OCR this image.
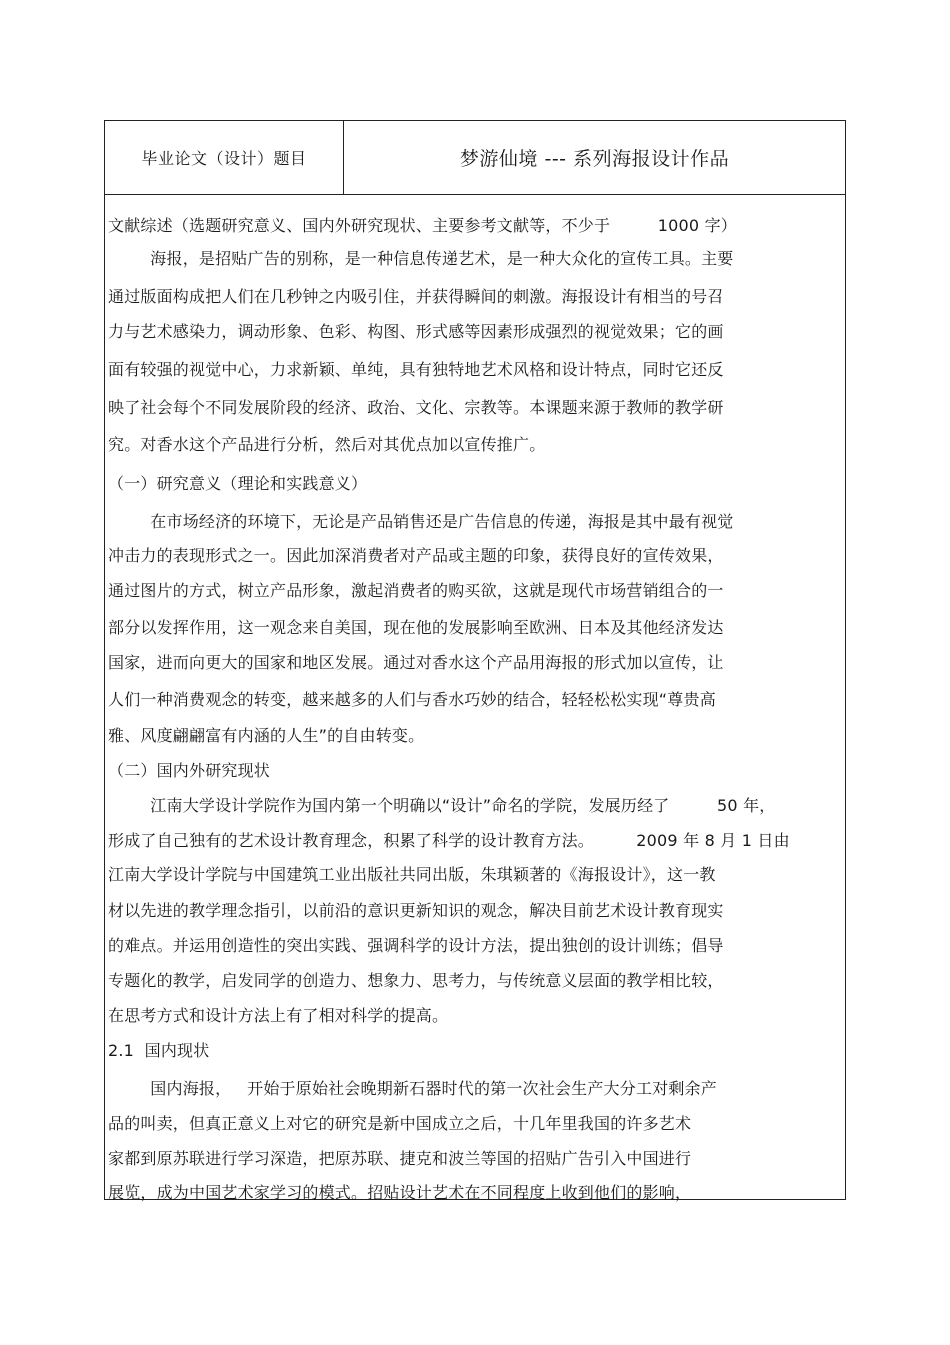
毕业论文（设计）题目	梦游仙境 --- 系列海报设计作品
文献综述（选题研究意义、国内外研究现状、主要参考文献等，不少于         1000 字）
海报，是招贴广告的别称，是一种信息传递艺术，是一种大众化的宣传工具。主要
通过版面构成把人们在几秒钟之内吸引住，并获得瞬间的刺激。海报设计有相当的号召
力与艺术感染力，调动形象、色彩、构图、形式感等因素形成强烈的视觉效果；它的画
面有较强的视觉中心，力求新颖、单纯，具有独特地艺术风格和设计特点，同时它还反
映了社会每个不同发展阶段的经济、政治、文化、宗教等。本课题来源于教师的教学研
究。对香水这个产品进行分析，然后对其优点加以宣传推广。
（一）研究意义（理论和实践意义）
在市场经济的环境下，无论是产品销售还是广告信息的传递，海报是其中最有视觉
冲击力的表现形式之一。因此加深消费者对产品或主题的印象，获得良好的宣传效果，
通过图片的方式，树立产品形象，激起消费者的购买欲，这就是现代市场营销组合的一
部分以发挥作用，这一观念来自美国，现在他的发展影响至欧洲、日本及其他经济发达
国家，进而向更大的国家和地区发展。通过对香水这个产品用海报的形式加以宣传，让
人们一种消费观念的转变，越来越多的人们与香水巧妙的结合，轻轻松松实现“尊贵高
雅、风度翩翩富有内涵的人生”的自由转变。
（二）国内外研究现状
江南大学设计学院作为国内第一个明确以“设计”命名的学院，发展历经了         50 年，
形成了自己独有的艺术设计教育理念，积累了科学的设计教育方法。        2009 年 8 月 1 日由
江南大学设计学院与中国建筑工业出版社共同出版，朱琪颖著的《海报设计》，这一教
材以先进的教学理念指引，以前沿的意识更新知识的观念，解决目前艺术设计教育现实
的难点。并运用创造性的突出实践、强调科学的设计方法，提出独创的设计训练；倡导
专题化的教学，启发同学的创造力、想象力、思考力，与传统意义层面的教学相比较，
在思考方式和设计方法上有了相对科学的提高。
2.1  国内现状
国内海报，   开始于原始社会晚期新石器时代的第一次社会生产大分工对剩余产
品的叫卖，但真正意义上对它的研究是新中国成立之后，十几年里我国的许多艺术
家都到原苏联进行学习深造，把原苏联、捷克和波兰等国的招贴广告引入中国进行
展览，成为中国艺术家学习的模式。招贴设计艺术在不同程度上收到他们的影响，
